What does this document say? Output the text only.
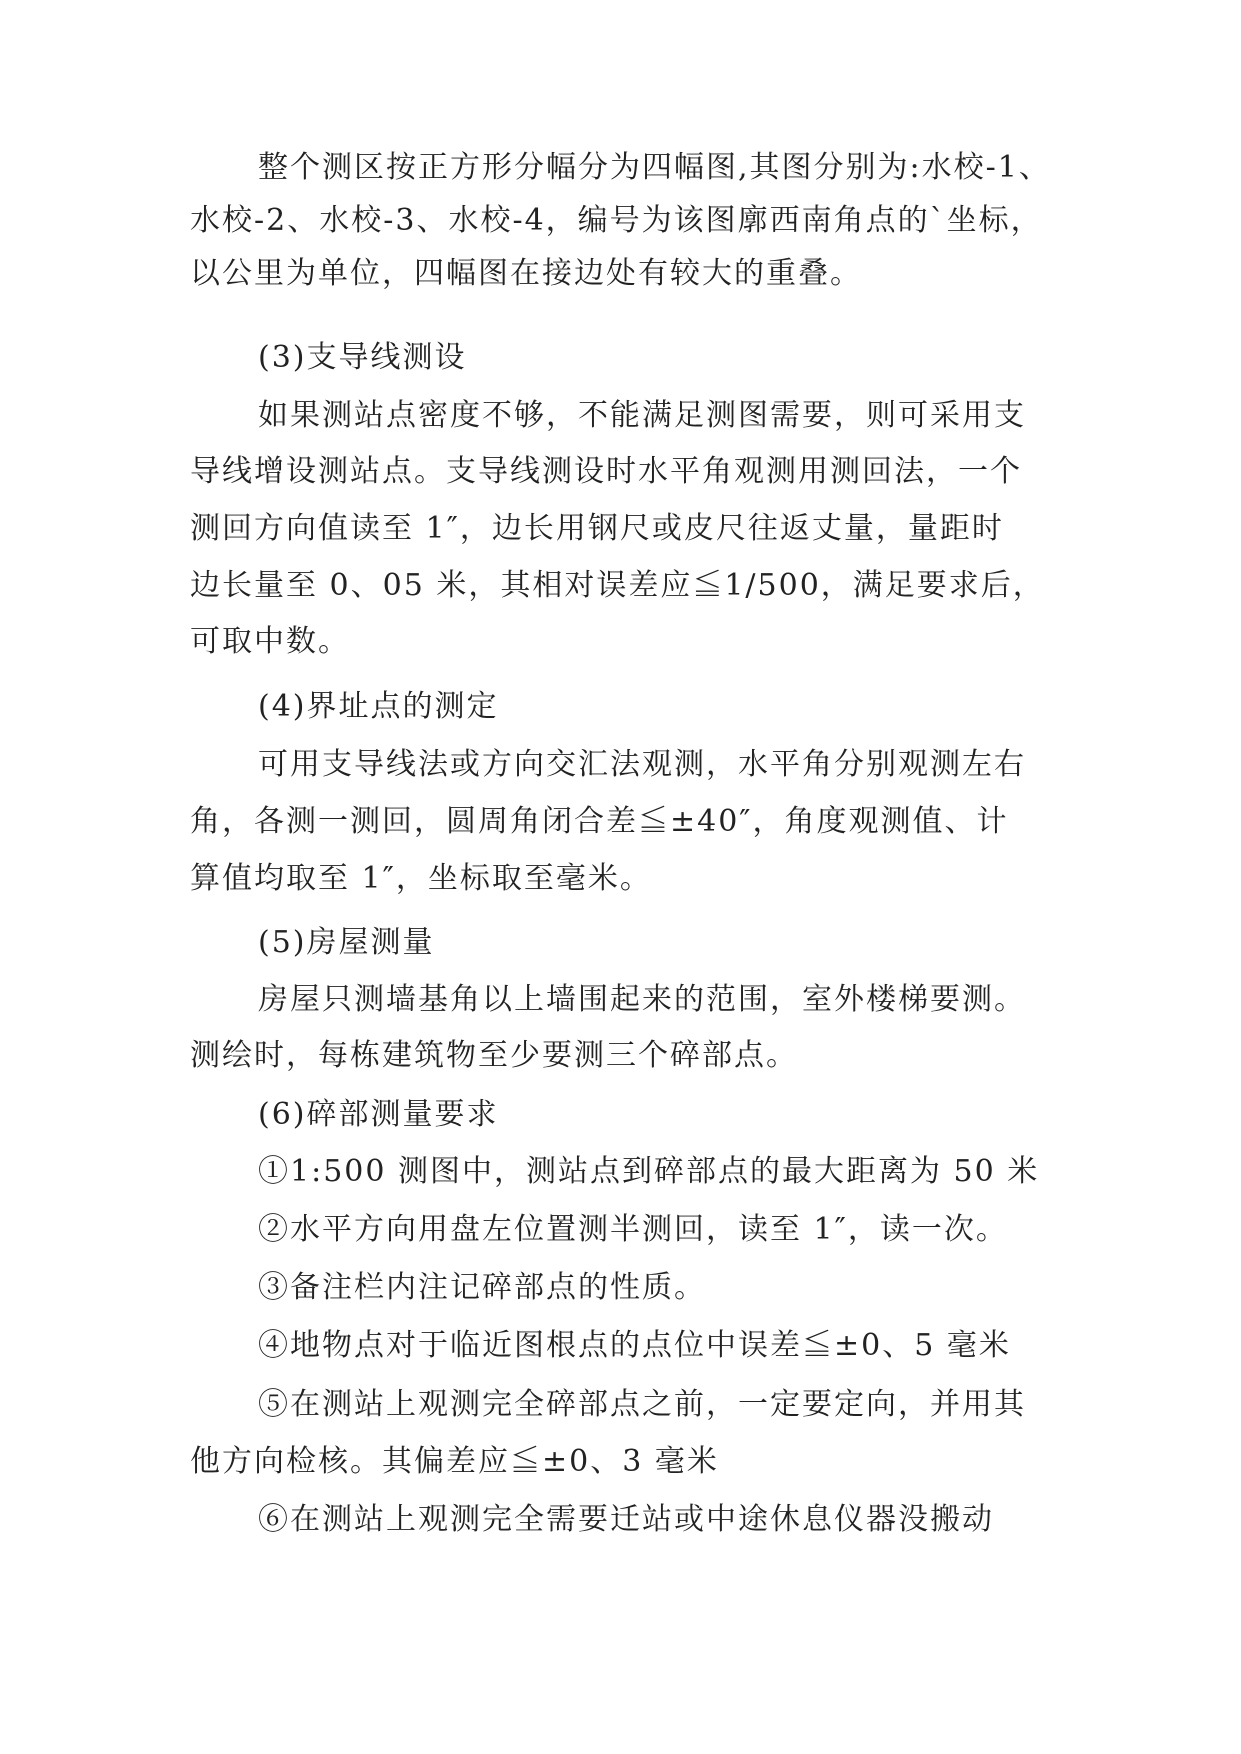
整个测区按正方形分幅分为四幅图,其图分别为:水校-1、
水校-2、水校-3、水校-4，编号为该图廓西南角点的`坐标，
以公里为单位，四幅图在接边处有较大的重叠。
(3)支导线测设
如果测站点密度不够，不能满足测图需要，则可采用支
导线增设测站点。支导线测设时水平角观测用测回法，一个
测回方向值读至 1″，边长用钢尺或皮尺往返丈量，量距时
边长量至 0、05 米，其相对误差应≦1/500，满足要求后，
可取中数。
(4)界址点的测定
可用支导线法或方向交汇法观测，水平角分别观测左右
角，各测一测回，圆周角闭合差≦±40″，角度观测值、计
算值均取至 1″，坐标取至毫米。
(5)房屋测量
房屋只测墙基角以上墙围起来的范围，室外楼梯要测。
测绘时，每栋建筑物至少要测三个碎部点。
(6)碎部测量要求
①1:500 测图中，测站点到碎部点的最大距离为 50 米
②水平方向用盘左位置测半测回，读至 1″，读一次。
③备注栏内注记碎部点的性质。
④地物点对于临近图根点的点位中误差≦±0、5 毫米
⑤在测站上观测完全碎部点之前，一定要定向，并用其
他方向检核。其偏差应≦±0、3 毫米
⑥在测站上观测完全需要迁站或中途休息仪器没搬动
